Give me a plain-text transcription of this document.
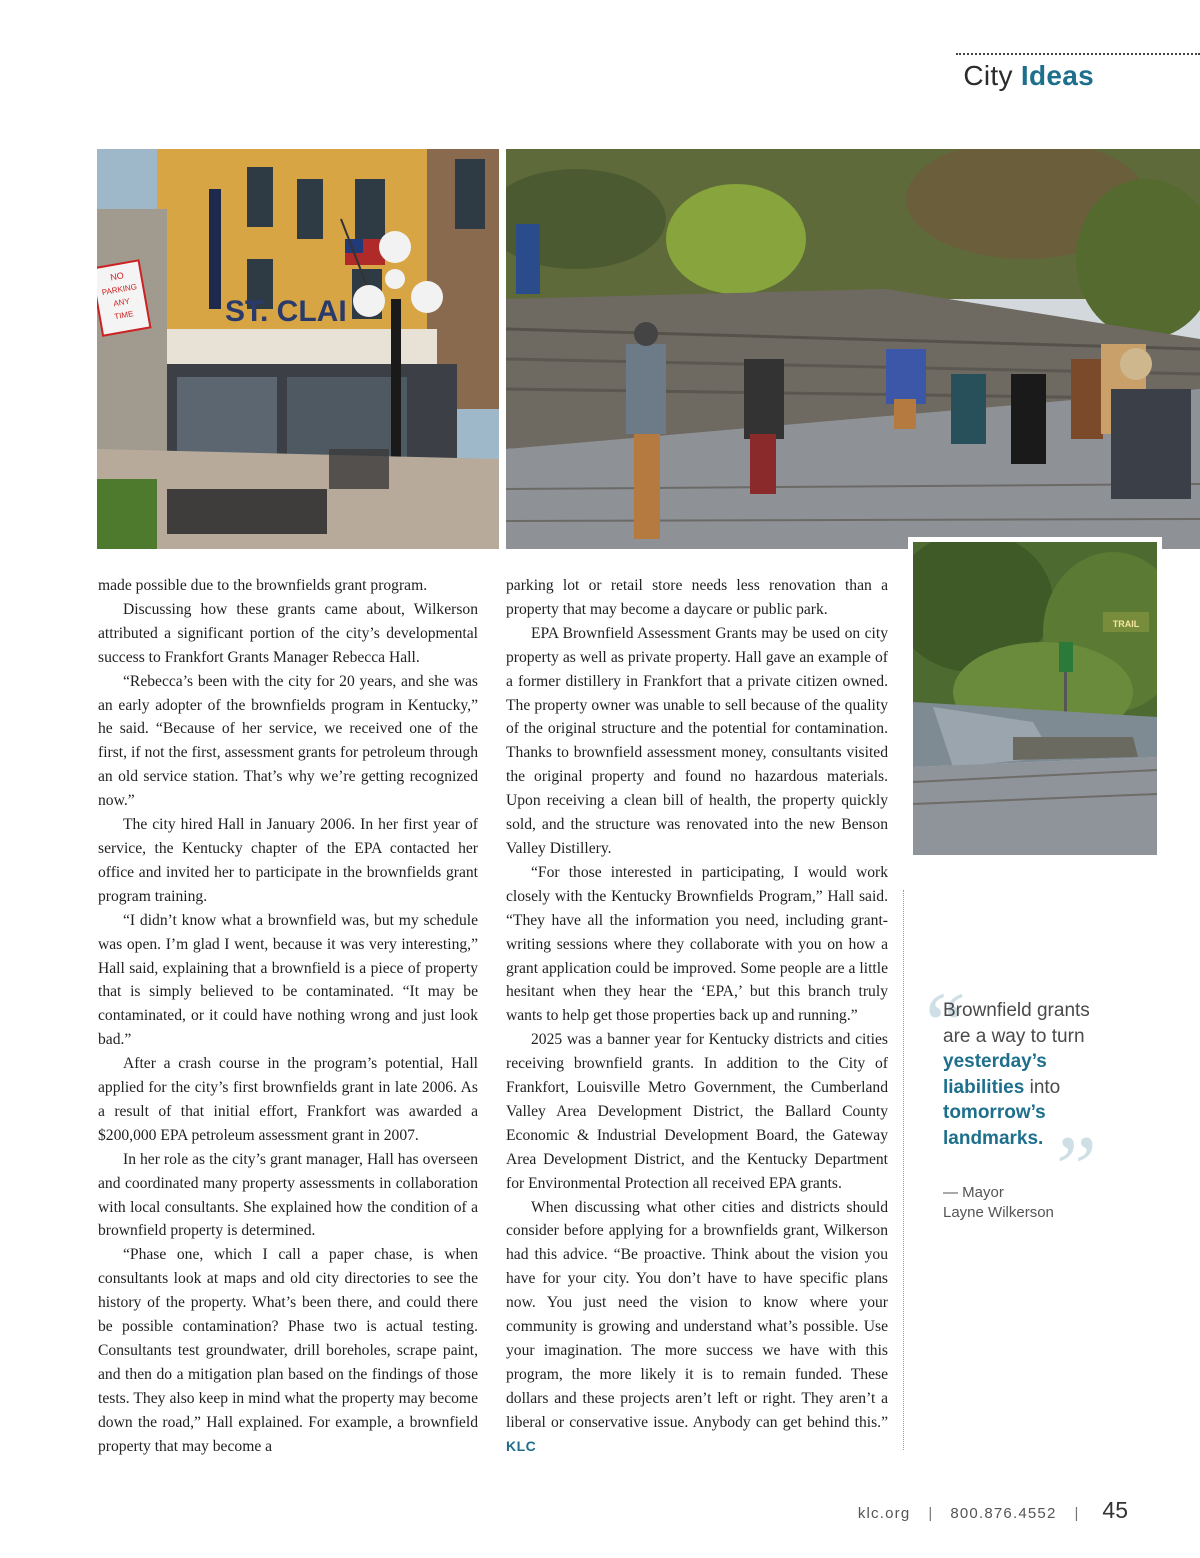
City Ideas
ST. CLAI
NO
PARKING
ANY
TIME
TRAIL

made possible due to the brownfields grant program.

Discussing how these grants came about, Wilkerson attributed a significant portion of the city’s developmental success to Frankfort Grants Manager Rebecca Hall.

“Rebecca’s been with the city for 20 years, and she was an early adopter of the brownfields program in Kentucky,” he said. “Because of her service, we received one of the first, if not the first, assessment grants for petroleum through an old service station. That’s why we’re getting recognized now.”

The city hired Hall in January 2006. In her first year of service, the Kentucky chapter of the EPA contacted her office and invited her to participate in the brownfields grant program training.

“I didn’t know what a brownfield was, but my schedule was open. I’m glad I went, because it was very interesting,” Hall said, explaining that a brownfield is a piece of property that is simply believed to be contaminated. “It may be contaminated, or it could have nothing wrong and just look bad.”

After a crash course in the program’s potential, Hall applied for the city’s first brownfields grant in late 2006. As a result of that initial effort, Frankfort was awarded a $200,000 EPA petroleum assessment grant in 2007.

In her role as the city’s grant manager, Hall has overseen and coordinated many property assessments in collaboration with local consultants. She explained how the condition of a brownfield property is determined.

“Phase one, which I call a paper chase, is when consultants look at maps and old city directories to see the history of the property. What’s been there, and could there be possible contamination? Phase two is actual testing. Consultants test groundwater, drill boreholes, scrape paint, and then do a mitigation plan based on the findings of those tests. They also keep in mind what the property may become down the road,” Hall explained. For example, a brownfield property that may become a

parking lot or retail store needs less renovation than a property that may become a daycare or public park.

EPA Brownfield Assessment Grants may be used on city property as well as private property. Hall gave an example of a former distillery in Frankfort that a private citizen owned. The property owner was unable to sell because of the quality of the original structure and the potential for contamination. Thanks to brownfield assessment money, consultants visited the original property and found no hazardous materials. Upon receiving a clean bill of health, the property quickly sold, and the structure was renovated into the new Benson Valley Distillery.

“For those interested in participating, I would work closely with the Kentucky Brownfields Program,” Hall said. “They have all the information you need, including grant-writing sessions where they collaborate with you on how a grant application could be improved. Some people are a little hesitant when they hear the ‘EPA,’ but this branch truly wants to help get those properties back up and running.”

2025 was a banner year for Kentucky districts and cities receiving brownfield grants. In addition to the City of Frankfort, Louisville Metro Government, the Cumberland Valley Area Development District, the Ballard County Economic & Industrial Development Board, the Gateway Area Development District, and the Kentucky Department for Environmental Protection all received EPA grants.

When discussing what other cities and districts should consider before applying for a brownfields grant, Wilkerson had this advice. “Be proactive. Think about the vision you have for your city. You don’t have to have specific plans now. You just need the vision to know where your community is growing and understand what’s possible. Use your imagination. The more success we have with this program, the more likely it is to remain funded. These dollars and these projects aren’t left or right. They aren’t a liberal or conservative issue. Anybody can get behind this.” KLC

“
Brownfield grants are a way to turn yesterday’s liabilities into tomorrow’s landmarks. ”
— Mayor
Layne Wilkerson
klc.org | 800.876.4552 | 45
